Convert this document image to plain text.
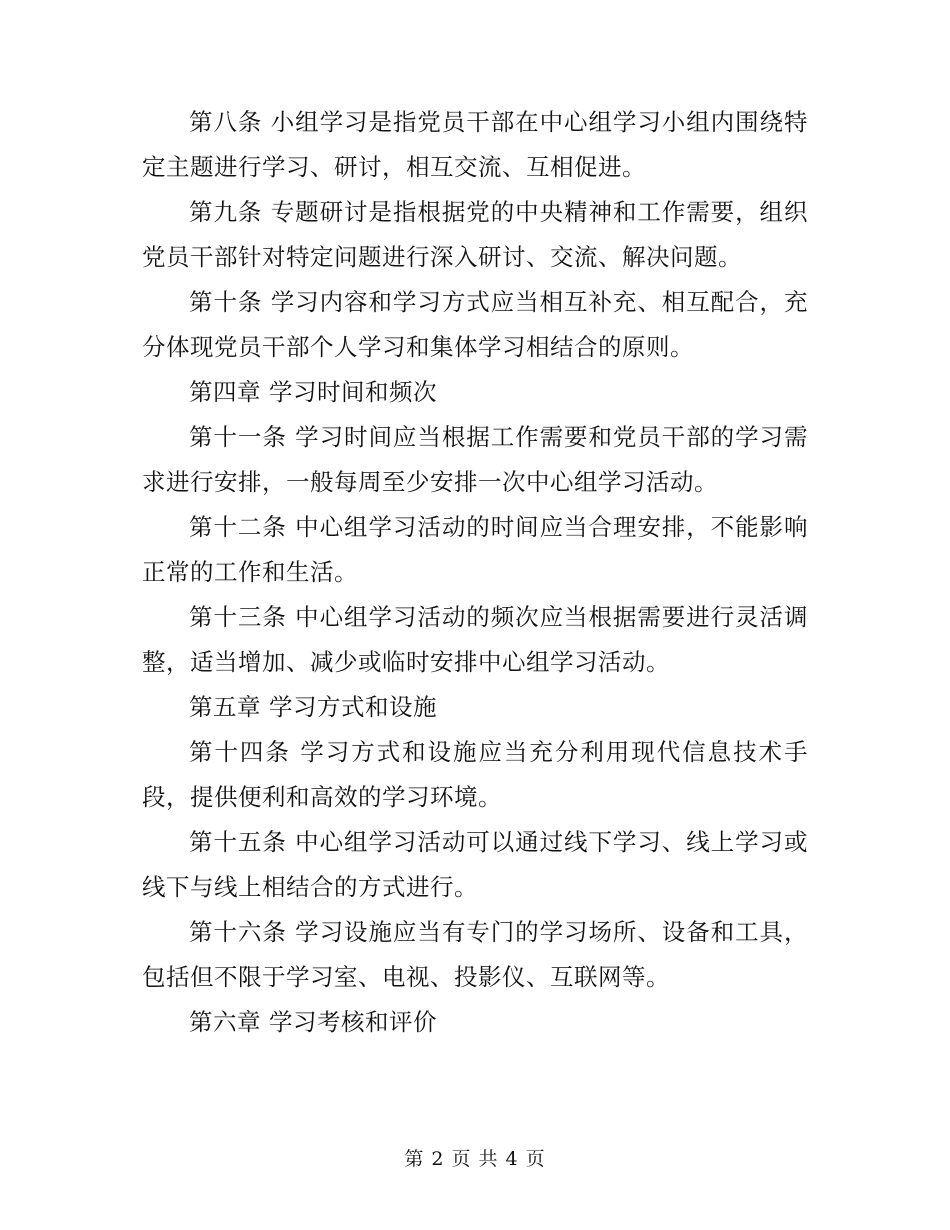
第八条 小组学习是指党员干部在中心组学习小组内围绕特定主题进行学习、研讨，相互交流、互相促进。

第九条 专题研讨是指根据党的中央精神和工作需要，组织党员干部针对特定问题进行深入研讨、交流、解决问题。

第十条 学习内容和学习方式应当相互补充、相互配合，充分体现党员干部个人学习和集体学习相结合的原则。

第四章 学习时间和频次

第十一条 学习时间应当根据工作需要和党员干部的学习需求进行安排，一般每周至少安排一次中心组学习活动。

第十二条 中心组学习活动的时间应当合理安排，不能影响正常的工作和生活。

第十三条 中心组学习活动的频次应当根据需要进行灵活调整，适当增加、减少或临时安排中心组学习活动。

第五章 学习方式和设施

第十四条 学习方式和设施应当充分利用现代信息技术手段，提供便利和高效的学习环境。

第十五条 中心组学习活动可以通过线下学习、线上学习或线下与线上相结合的方式进行。

第十六条 学习设施应当有专门的学习场所、设备和工具，包括但不限于学习室、电视、投影仪、互联网等。

第六章 学习考核和评价

第 2 页 共 4 页
